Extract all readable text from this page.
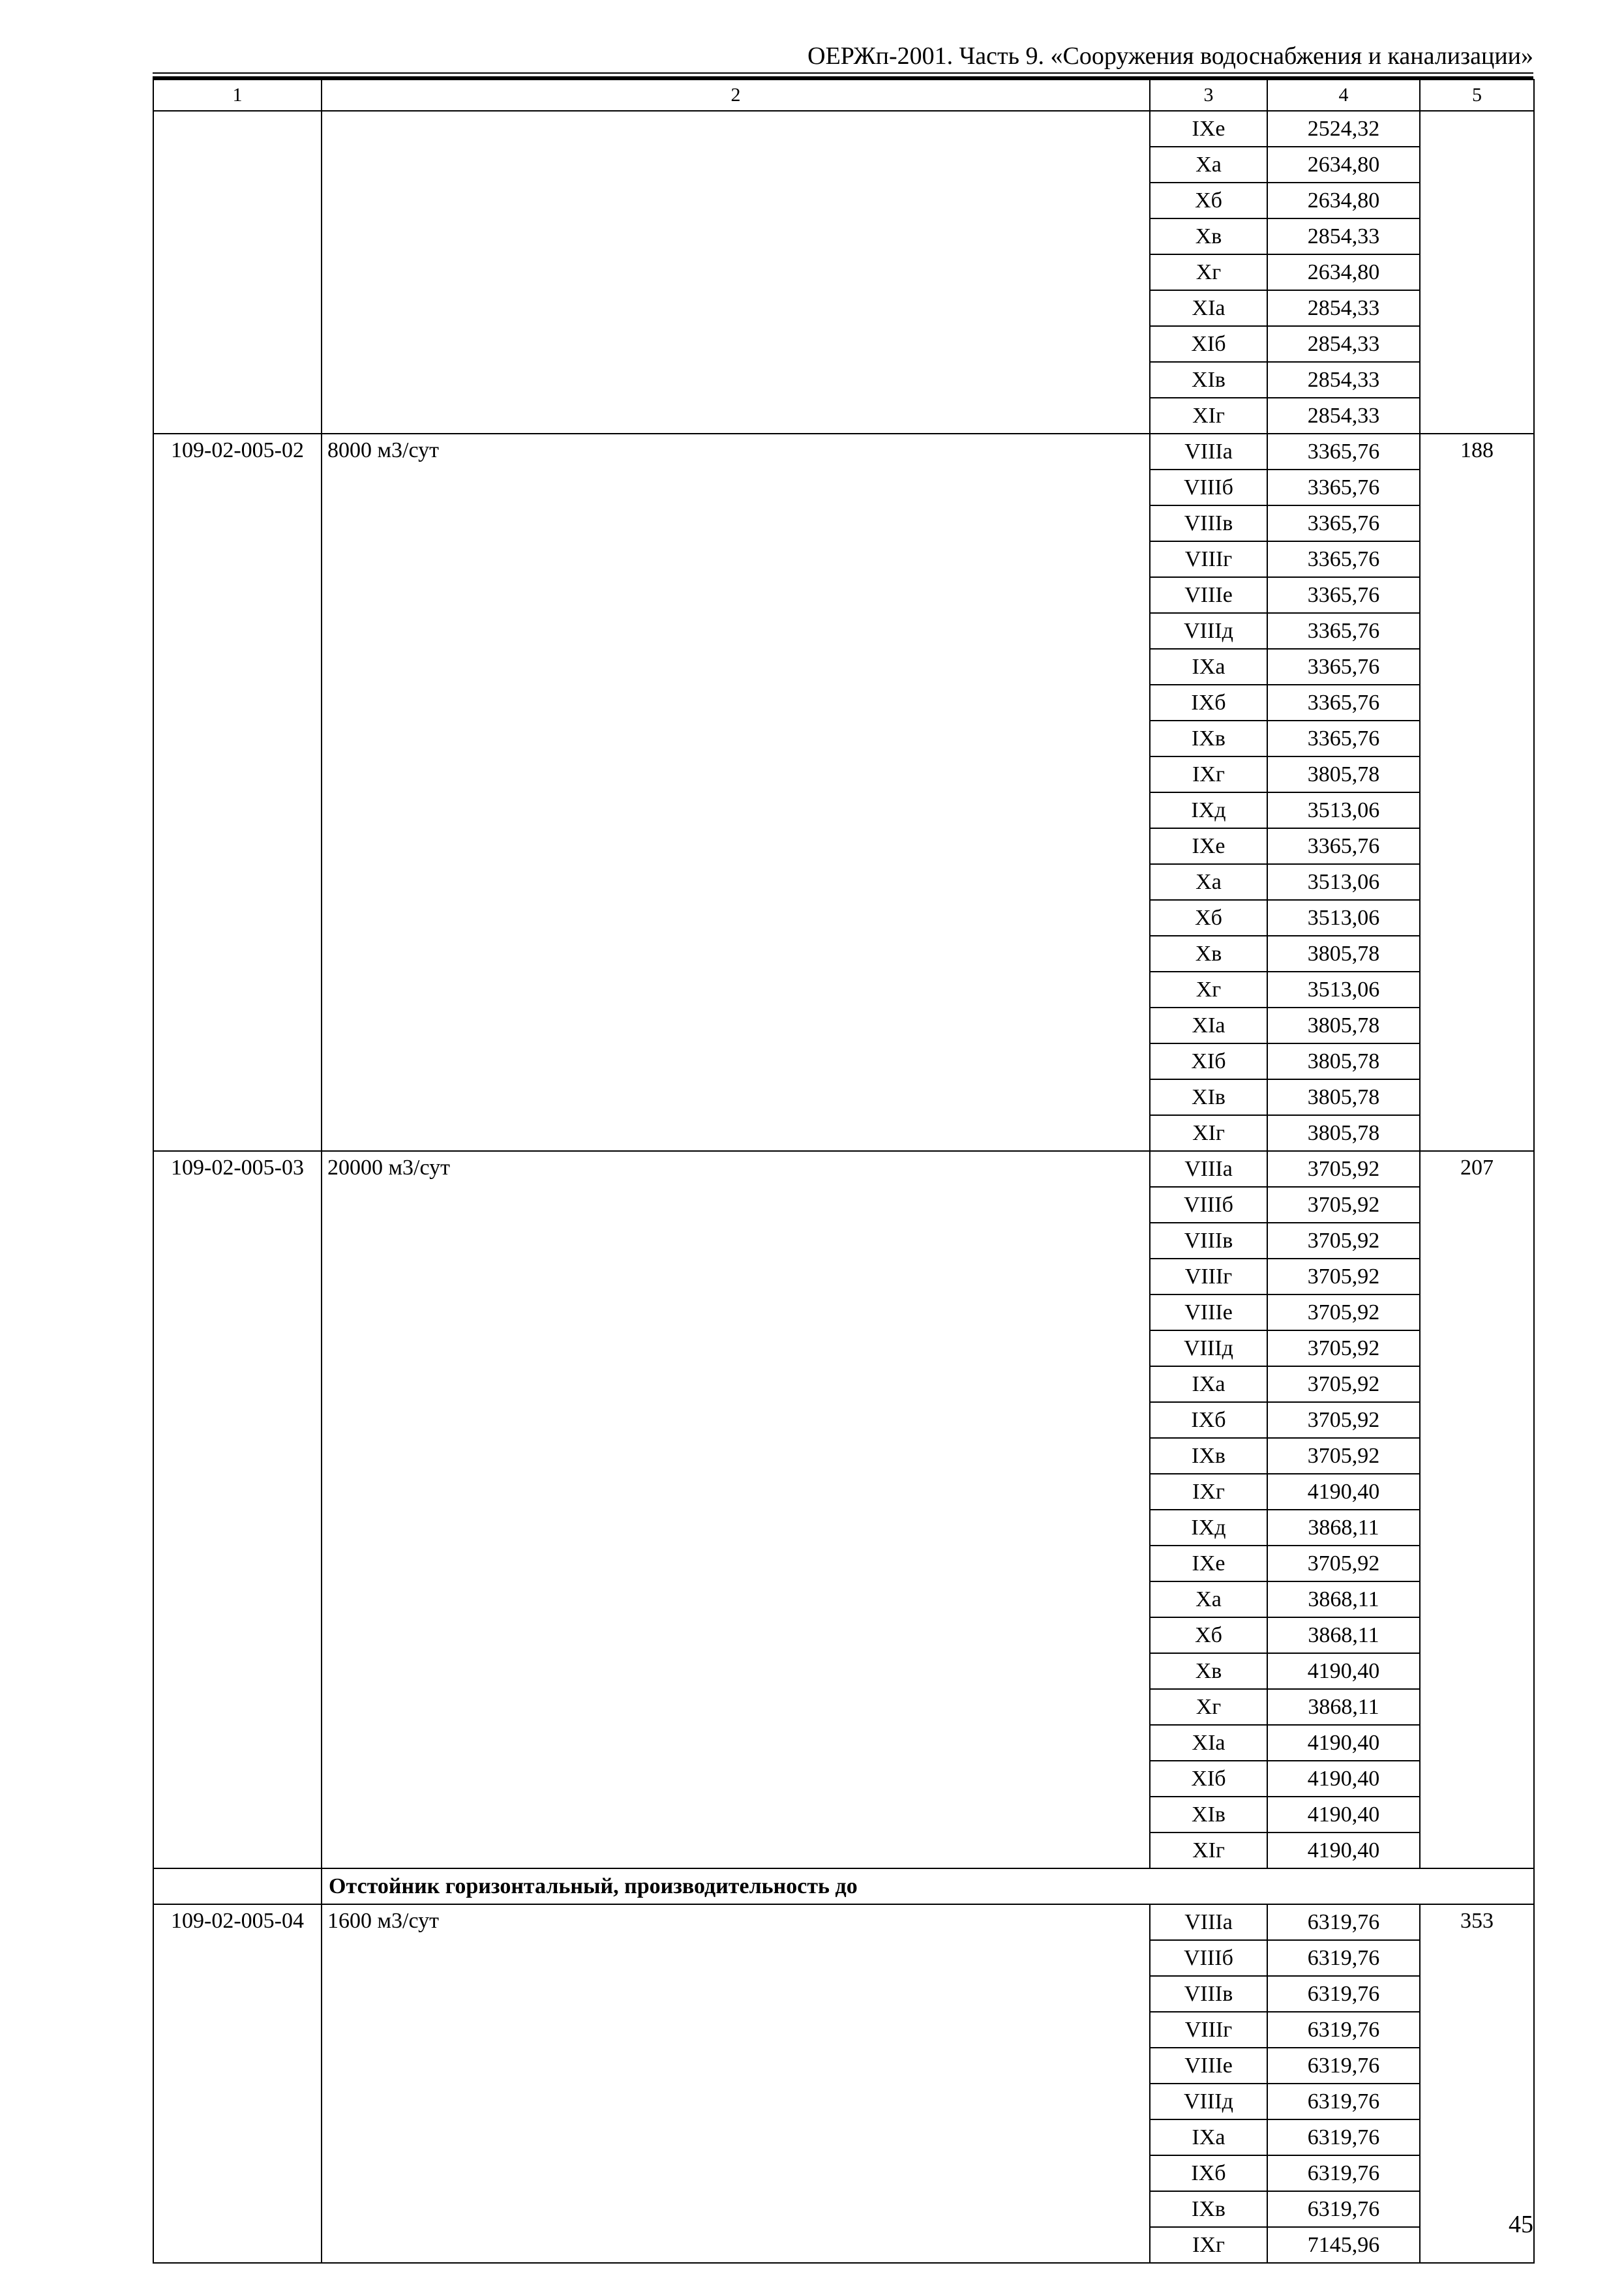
ОЕРЖп-2001. Часть 9. «Сооружения водоснабжения и канализации»
1	2	3	4	5
		IXе	2524,32	
		Xа	2634,80	
		Xб	2634,80	
		Xв	2854,33	
		Xг	2634,80	
		XIа	2854,33	
		XIб	2854,33	
		XIв	2854,33	
		XIг	2854,33	
109-02-005-02	8000 м3/сут	VIIIа	3365,76	188
		VIIIб	3365,76	
		VIIIв	3365,76	
		VIIIг	3365,76	
		VIIIе	3365,76	
		VIIIд	3365,76	
		IXа	3365,76	
		IXб	3365,76	
		IXв	3365,76	
		IXг	3805,78	
		IXд	3513,06	
		IXе	3365,76	
		Xа	3513,06	
		Xб	3513,06	
		Xв	3805,78	
		Xг	3513,06	
		XIа	3805,78	
		XIб	3805,78	
		XIв	3805,78	
		XIг	3805,78	
109-02-005-03	20000 м3/сут	VIIIа	3705,92	207
		VIIIб	3705,92	
		VIIIв	3705,92	
		VIIIг	3705,92	
		VIIIе	3705,92	
		VIIIд	3705,92	
		IXа	3705,92	
		IXб	3705,92	
		IXв	3705,92	
		IXг	4190,40	
		IXд	3868,11	
		IXе	3705,92	
		Xа	3868,11	
		Xб	3868,11	
		Xв	4190,40	
		Xг	3868,11	
		XIа	4190,40	
		XIб	4190,40	
		XIв	4190,40	
		XIг	4190,40	
	Отстойник горизонтальный, производительность до			
109-02-005-04	1600 м3/сут	VIIIа	6319,76	353
		VIIIб	6319,76	
		VIIIв	6319,76	
		VIIIг	6319,76	
		VIIIе	6319,76	
		VIIIд	6319,76	
		IXа	6319,76	
		IXб	6319,76	
		IXв	6319,76	
		IXг	7145,96	
45
